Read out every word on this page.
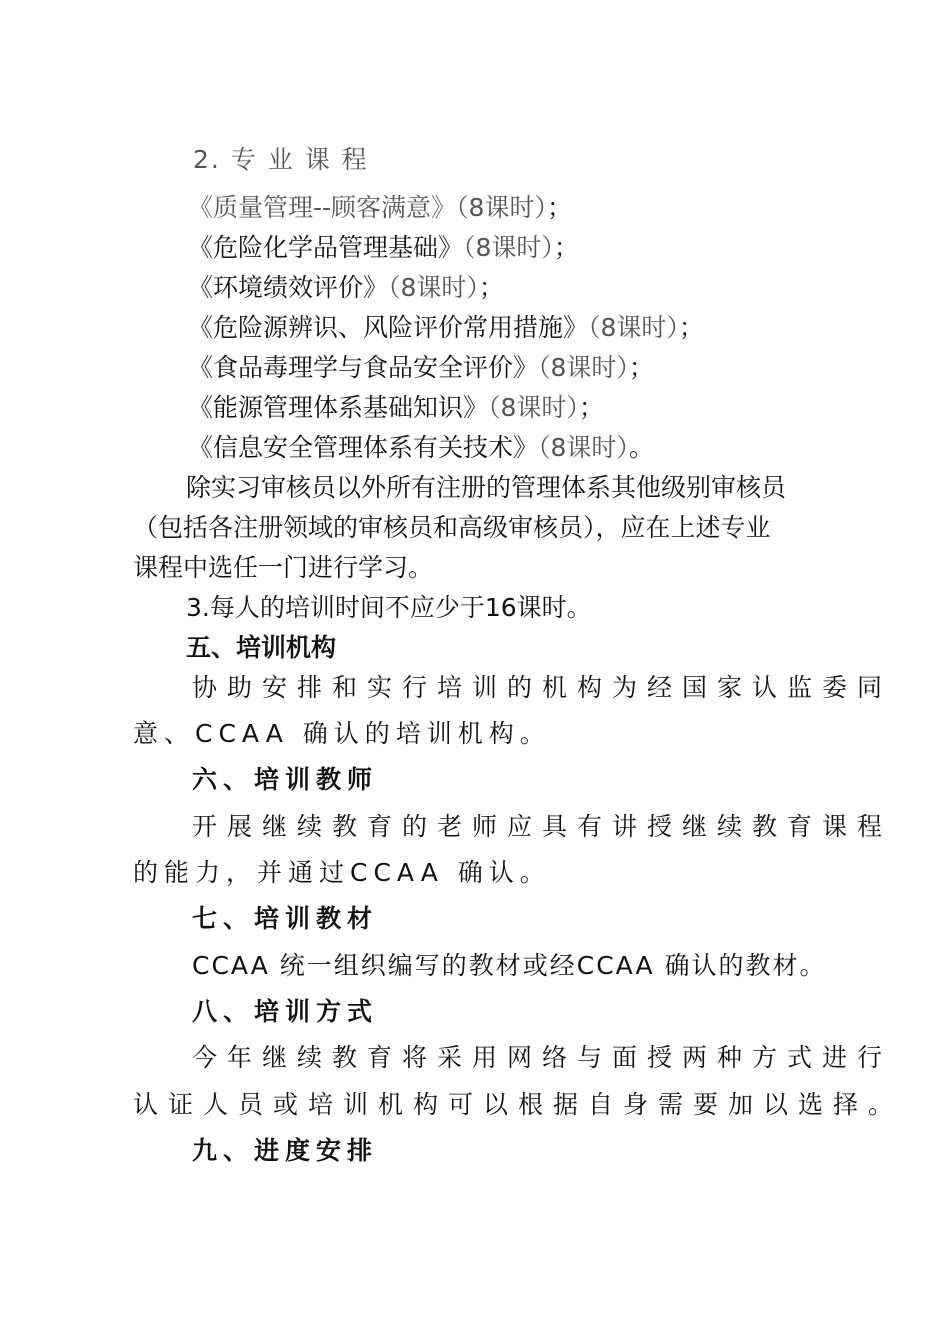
2. 专 业 课 程
《质量管理--顾客满意》（8课时）；
《危险化学品管理基础》（8课时）；
《环境绩效评价》（8课时）；
《危险源辨识、风险评价常用措施》（8课时）；
《食品毒理学与食品安全评价》（8课时）；
《能源管理体系基础知识》（8课时）；
《信息安全管理体系有关技术》（8课时）。
除实习审核员以外所有注册的管理体系其他级别审核员
（包括各注册领域的审核员和高级审核员），应在上述专业
课程中选任一门进行学习。
3.每人的培训时间不应少于16课时。
五、培训机构
协助安排和实行培训的机构为经国家认监委同
意、CCAA 确认的培训机构。
六、培训教师
开展继续教育的老师应具有讲授继续教育课程
的能力，并通过CCAA 确认。
七、培训教材
CCAA 统一组织编写的教材或经CCAA 确认的教材。
八、培训方式
今年继续教育将采用网络与面授两种方式进行
认证人员或培训机构可以根据自身需要加以选择。
九、进度安排
